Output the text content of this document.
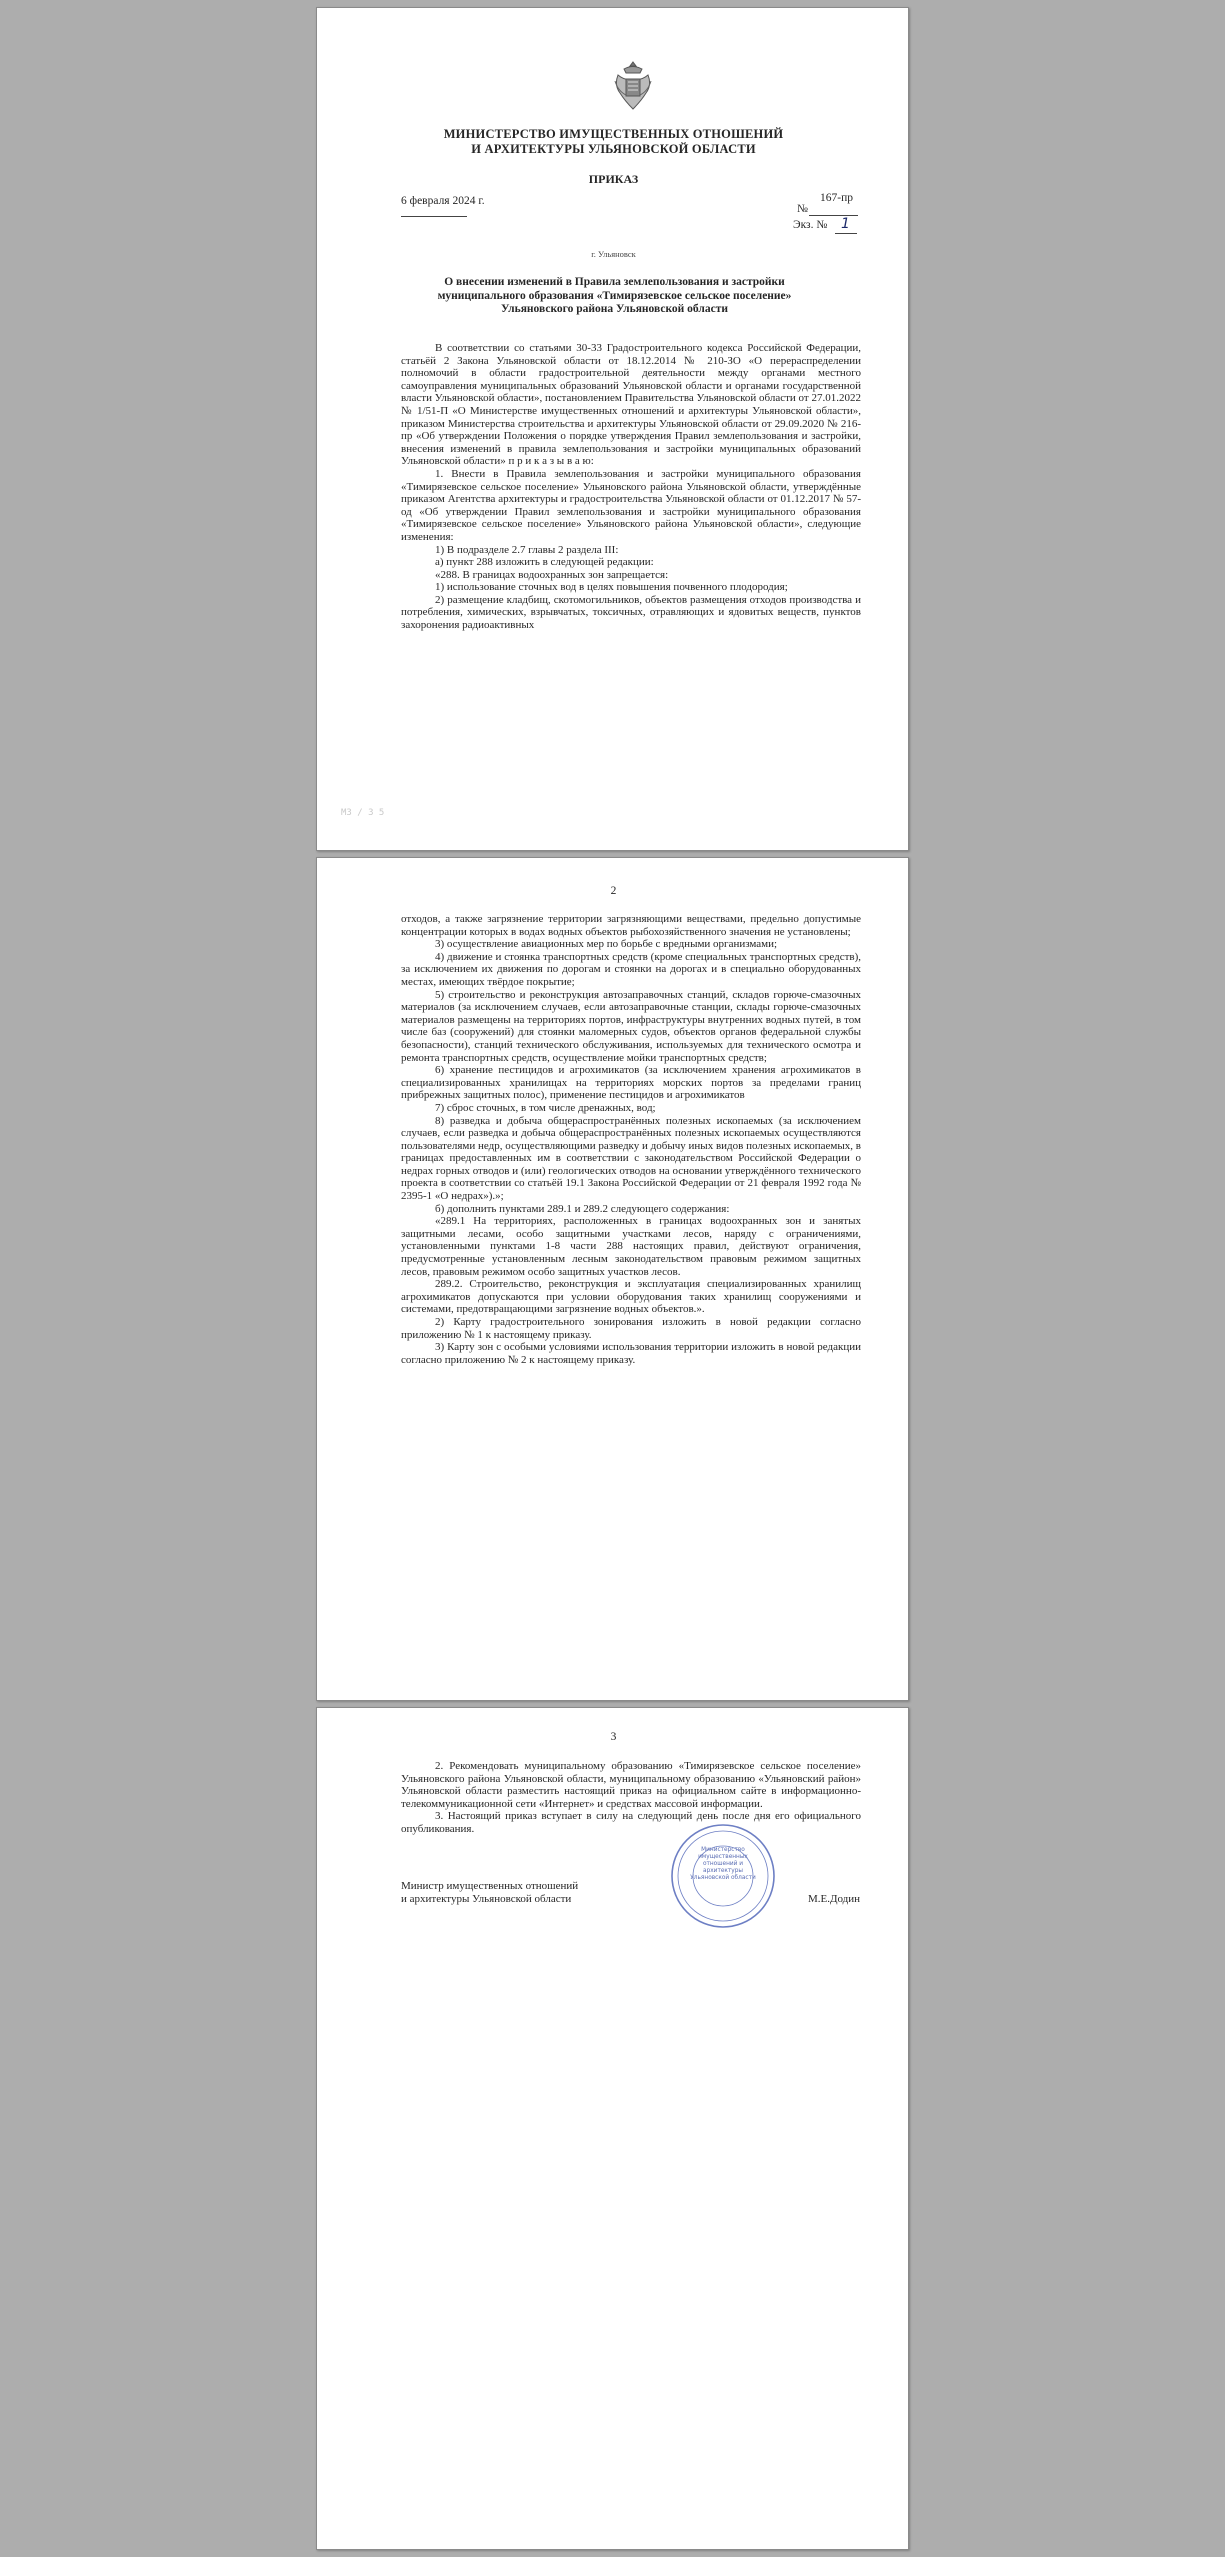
МИНИСТЕРСТВО ИМУЩЕСТВЕННЫХ ОТНОШЕНИЙ
И АРХИТЕКТУРЫ УЛЬЯНОВСКОЙ ОБЛАСТИ
ПРИКАЗ
6 февраля 2024 г.	167-пр
№
Экз. № 1
г. Ульяновск
О внесении изменений в Правила землепользования и застройки муниципального образования «Тимирязевское сельское поселение» Ульяновского района Ульяновской области

В соответствии со статьями 30-33 Градостроительного кодекса Российской Федерации, статьёй 2 Закона Ульяновской области от 18.12.2014 № 210-ЗО «О перераспределении полномочий в области градостроительной деятельности между органами местного самоуправления муниципальных образований Ульяновской области и органами государственной власти Ульяновской области», постановлением Правительства Ульяновской области от 27.01.2022 № 1/51-П «О Министерстве имущественных отношений и архитектуры Ульяновской области», приказом Министерства строительства и архитектуры Ульяновской области от 29.09.2020 № 216-пр «Об утверждении Положения о порядке утверждения Правил землепользования и застройки, внесения изменений в правила землепользования и застройки муниципальных образований Ульяновской области» п р и к а з ы в а ю:

1. Внести в Правила землепользования и застройки муниципального образования «Тимирязевское сельское поселение» Ульяновского района Ульяновской области, утверждённые приказом Агентства архитектуры и градостроительства Ульяновской области от 01.12.2017 № 57-од «Об утверждении Правил землепользования и застройки муниципального образования «Тимирязевское сельское поселение» Ульяновского района Ульяновской области», следующие изменения:

1) В подразделе 2.7 главы 2 раздела III:

а) пункт 288 изложить в следующей редакции:

«288. В границах водоохранных зон запрещается:

1) использование сточных вод в целях повышения почвенного плодородия;

2) размещение кладбищ, скотомогильников, объектов размещения отходов производства и потребления, химических, взрывчатых, токсичных, отравляющих и ядовитых веществ, пунктов захоронения радиоактивных

М3 / 3 5
2

отходов, а также загрязнение территории загрязняющими веществами, предельно допустимые концентрации которых в водах водных объектов рыбохозяйственного значения не установлены;

3) осуществление авиационных мер по борьбе с вредными организмами;

4) движение и стоянка транспортных средств (кроме специальных транспортных средств), за исключением их движения по дорогам и стоянки на дорогах и в специально оборудованных местах, имеющих твёрдое покрытие;

5) строительство и реконструкция автозаправочных станций, складов горюче-смазочных материалов (за исключением случаев, если автозаправочные станции, склады горюче-смазочных материалов размещены на территориях портов, инфраструктуры внутренних водных путей, в том числе баз (сооружений) для стоянки маломерных судов, объектов органов федеральной службы безопасности), станций технического обслуживания, используемых для технического осмотра и ремонта транспортных средств, осуществление мойки транспортных средств;

6) хранение пестицидов и агрохимикатов (за исключением хранения агрохимикатов в специализированных хранилищах на территориях морских портов за пределами границ прибрежных защитных полос), применение пестицидов и агрохимикатов

7) сброс сточных, в том числе дренажных, вод;

8) разведка и добыча общераспространённых полезных ископаемых (за исключением случаев, если разведка и добыча общераспространённых полезных ископаемых осуществляются пользователями недр, осуществляющими разведку и добычу иных видов полезных ископаемых, в границах предоставленных им в соответствии с законодательством Российской Федерации о недрах горных отводов и (или) геологических отводов на основании утверждённого технического проекта в соответствии со статьёй 19.1 Закона Российской Федерации от 21 февраля 1992 года № 2395-1 «О недрах»).»;

б) дополнить пунктами 289.1 и 289.2 следующего содержания:

«289.1 На территориях, расположенных в границах водоохранных зон и занятых защитными лесами, особо защитными участками лесов, наряду с ограничениями, установленными пунктами 1-8 части 288 настоящих правил, действуют ограничения, предусмотренные установленным лесным законодательством правовым режимом защитных лесов, правовым режимом особо защитных участков лесов.

289.2. Строительство, реконструкция и эксплуатация специализированных хранилищ агрохимикатов допускаются при условии оборудования таких хранилищ сооружениями и системами, предотвращающими загрязнение водных объектов.».

2) Карту градостроительного зонирования изложить в новой редакции согласно приложению № 1 к настоящему приказу.

3) Карту зон с особыми условиями использования территории изложить в новой редакции согласно приложению № 2 к настоящему приказу.

3

2. Рекомендовать муниципальному образованию «Тимирязевское сельское поселение» Ульяновского района Ульяновской области, муниципальному образованию «Ульяновский район» Ульяновской области разместить настоящий приказ на официальном сайте в информационно-телекоммуникационной сети «Интернет» и средствах массовой информации.

3. Настоящий приказ вступает в силу на следующий день после дня его официального опубликования.

Министерство имущественных отношений и архитектуры Ульяновской области
Министр имущественных отношений
и архитектуры Ульяновской области	М.Е.Додин
